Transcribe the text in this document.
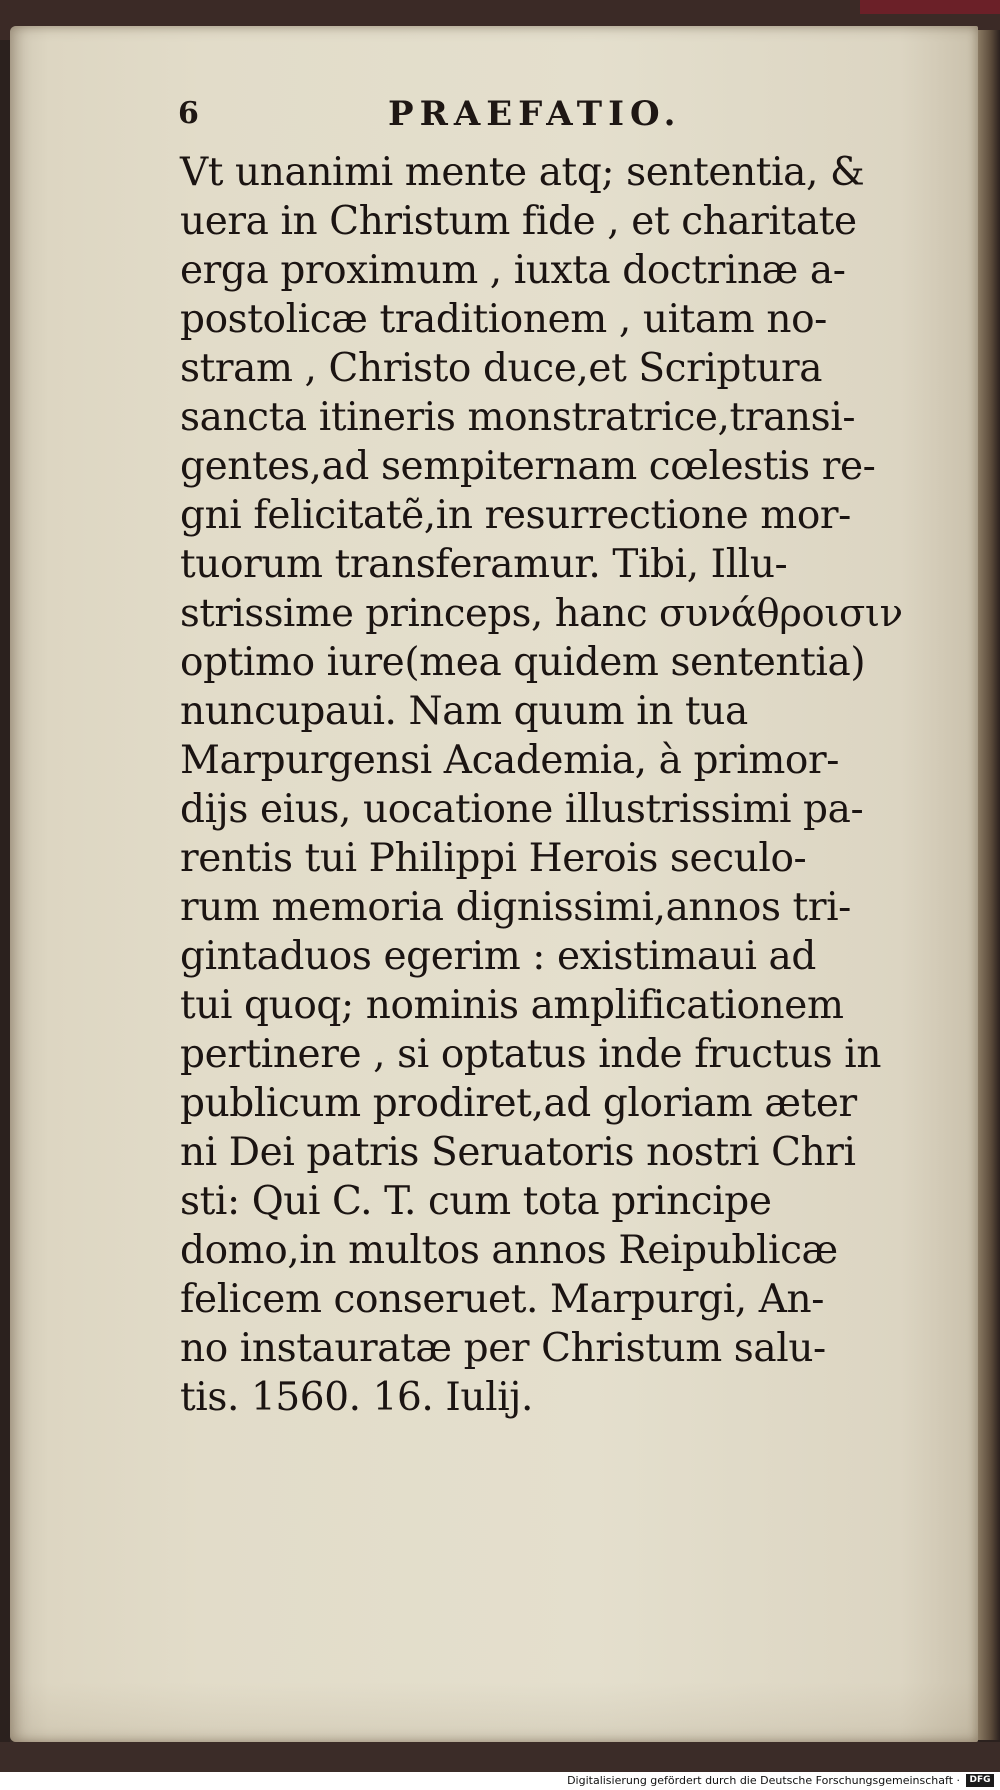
6	PRAEFATIO.
Vt unanimi mente atq; sententia, &
uera in Christum fide , et charitate
erga proximum , iuxta doctrinæ a-
postolicæ traditionem , uitam no-
stram , Christo duce,et Scriptura
sancta itineris monstratrice,transi-
gentes,ad sempiternam cœlestis re-
gni felicitatẽ,in resurrectione mor-
tuorum transferamur. Tibi, Illu-
strissime princeps, hanc συνάθροισιν
optimo iure(mea quidem sententia)
nuncupaui. Nam quum in tua
Marpurgensi Academia, à primor-
dijs eius, uocatione illustrissimi pa-
rentis tui Philippi Herois seculo-
rum memoria dignissimi,annos tri-
gintaduos egerim : existimaui ad
tui quoq; nominis amplificationem
pertinere , si optatus inde fructus in
publicum prodiret,ad gloriam æter
ni Dei patris Seruatoris nostri Chri
sti: Qui C. T. cum tota principe
domo,in multos annos Reipublicæ
felicem conseruet. Marpurgi, An-
no instauratæ per Christum salu-
tis. 1560. 16. Iulij.
Digitalisierung gefördert durch die Deutsche Forschungsgemeinschaft ·	DFG
